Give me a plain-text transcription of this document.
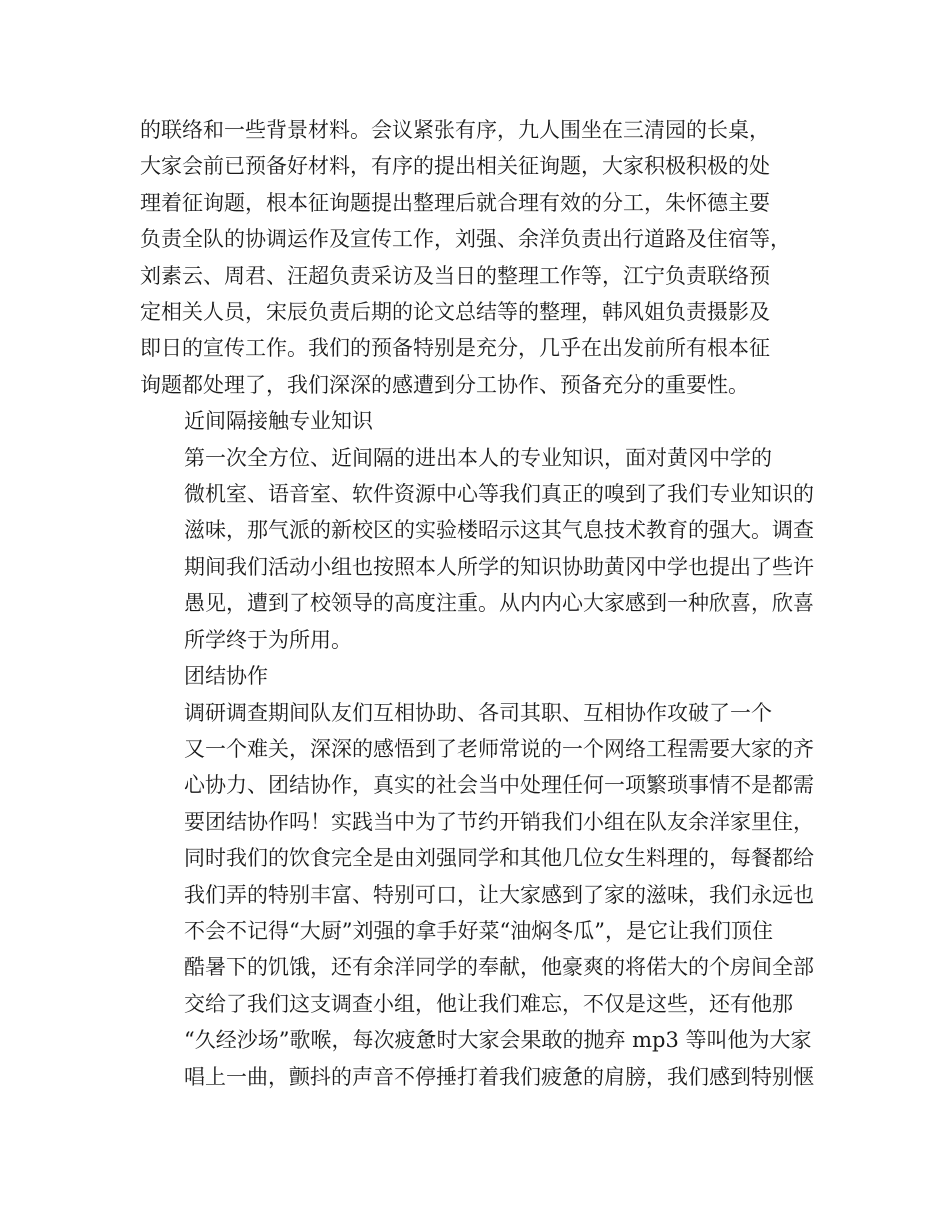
的联络和一些背景材料。会议紧张有序，九人围坐在三清园的长桌，
大家会前已预备好材料，有序的提出相关征询题，大家积极积极的处
理着征询题，根本征询题提出整理后就合理有效的分工，朱怀德主要
负责全队的协调运作及宣传工作，刘强、余洋负责出行道路及住宿等，
刘素云、周君、汪超负责采访及当日的整理工作等，江宁负责联络预
定相关人员，宋辰负责后期的论文总结等的整理，韩风姐负责摄影及
即日的宣传工作。我们的预备特别是充分，几乎在出发前所有根本征
询题都处理了，我们深深的感遭到分工协作、预备充分的重要性。

近间隔接触专业知识

第一次全方位、近间隔的进出本人的专业知识，面对黄冈中学的
微机室、语音室、软件资源中心等我们真正的嗅到了我们专业知识的
滋味，那气派的新校区的实验楼昭示这其气息技术教育的强大。调查
期间我们活动小组也按照本人所学的知识协助黄冈中学也提出了些许
愚见，遭到了校领导的高度注重。从内内心大家感到一种欣喜，欣喜
所学终于为所用。

团结协作

调研调查期间队友们互相协助、各司其职、互相协作攻破了一个
又一个难关，深深的感悟到了老师常说的一个网络工程需要大家的齐
心协力、团结协作，真实的社会当中处理任何一项繁琐事情不是都需
要团结协作吗！实践当中为了节约开销我们小组在队友余洋家里住，
同时我们的饮食完全是由刘强同学和其他几位女生料理的，每餐都给
我们弄的特别丰富、特别可口，让大家感到了家的滋味，我们永远也
不会不记得“大厨”刘强的拿手好菜“油焖冬瓜”，是它让我们顶住
酷暑下的饥饿，还有余洋同学的奉献，他豪爽的将偌大的个房间全部
交给了我们这支调查小组，他让我们难忘，不仅是这些，还有他那
“久经沙场”歌喉，每次疲惫时大家会果敢的抛弃 mp3 等叫他为大家
唱上一曲，颤抖的声音不停捶打着我们疲惫的肩膀，我们感到特别惬
